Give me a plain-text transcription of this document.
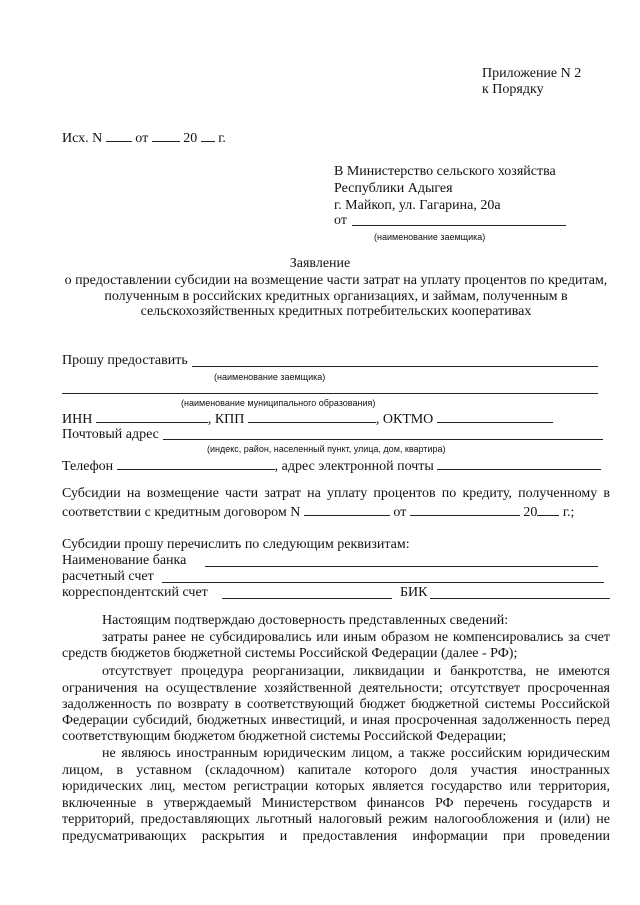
Приложение N 2
к Порядку
Исх. N от	20 г.
В Министерство сельского хозяйства
Республики Адыгея
г. Майкоп, ул. Гагарина, 20а
от
(наименование заемщика)
Заявление
о предоставлении субсидии на возмещение части затрат на уплату процентов по кредитам,
полученным в российских кредитных организациях, и займам, полученным в
сельскохозяйственных кредитных потребительских кооперативах
Прошу предоставить
(наименование заемщика)
(наименование муниципального образования)
ИНН	, КПП	, ОКТМО
Почтовый адрес
(индекс, район, населенный пункт, улица, дом, квартира)
Телефон	, адрес электронной почты
Субсидии на возмещение части затрат на уплату процентов по кредиту, полученному в
соответствии с кредитным договором N	от	20 г.;
Субсидии прошу перечислить по следующим реквизитам:
Наименование банка
расчетный счет
корреспондентский счет	БИК
Настоящим подтверждаю достоверность представленных сведений:
затраты ранее не субсидировались или иным образом не компенсировались за счет
средств бюджетов бюджетной системы Российской Федерации (далее - РФ);
отсутствует процедура реорганизации, ликвидации и банкротства, не имеются
ограничения на осуществление хозяйственной деятельности; отсутствует просроченная
задолженность по возврату в соответствующий бюджет бюджетной системы Российской
Федерации субсидий, бюджетных инвестиций, и иная просроченная задолженность перед
соответствующим бюджетом бюджетной системы Российской Федерации;
не являюсь иностранным юридическим лицом, а также российским юридическим
лицом, в уставном (складочном) капитале которого доля участия иностранных
юридических лиц, местом регистрации которых является государство или территория,
включенные в утверждаемый Министерством финансов РФ перечень государств и
территорий, предоставляющих льготный налоговый режим налогообложения и (или) не
предусматривающих раскрытия и предоставления информации при проведении
